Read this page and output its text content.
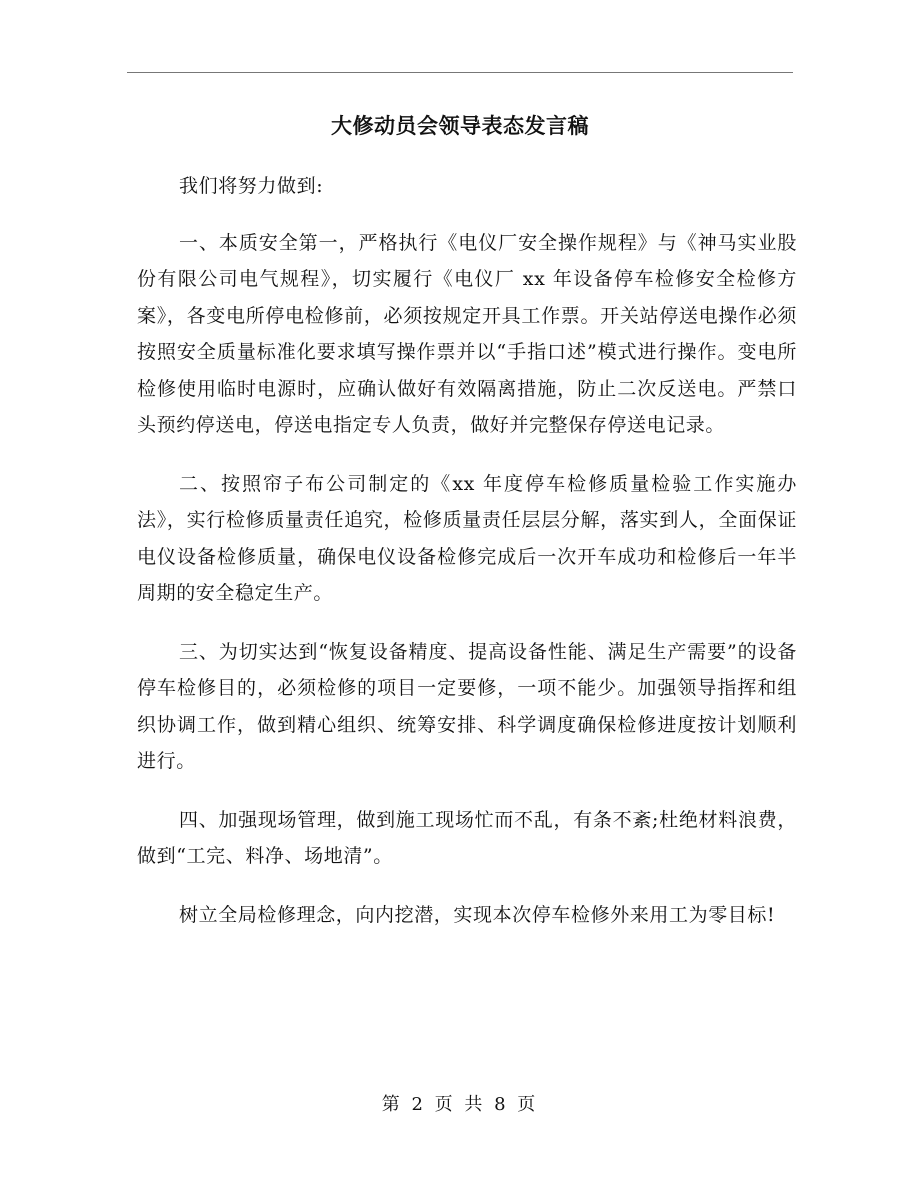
大修动员会领导表态发言稿

我们将努力做到:

一、本质安全第一，严格执行《电仪厂安全操作规程》与《神马实业股份有限公司电气规程》，切实履行《电仪厂 xx 年设备停车检修安全检修方案》，各变电所停电检修前，必须按规定开具工作票。开关站停送电操作必须按照安全质量标准化要求填写操作票并以“手指口述”模式进行操作。变电所检修使用临时电源时，应确认做好有效隔离措施，防止二次反送电。严禁口头预约停送电，停送电指定专人负责，做好并完整保存停送电记录。

二、按照帘子布公司制定的《xx 年度停车检修质量检验工作实施办法》，实行检修质量责任追究，检修质量责任层层分解，落实到人，全面保证电仪设备检修质量，确保电仪设备检修完成后一次开车成功和检修后一年半周期的安全稳定生产。

三、为切实达到“恢复设备精度、提高设备性能、满足生产需要”的设备停车检修目的，必须检修的项目一定要修，一项不能少。加强领导指挥和组织协调工作，做到精心组织、统筹安排、科学调度确保检修进度按计划顺利进行。

四、加强现场管理，做到施工现场忙而不乱，有条不紊;杜绝材料浪费，做到“工完、料净、场地清”。

树立全局检修理念，向内挖潜，实现本次停车检修外来用工为零目标!

第 2 页 共 8 页
